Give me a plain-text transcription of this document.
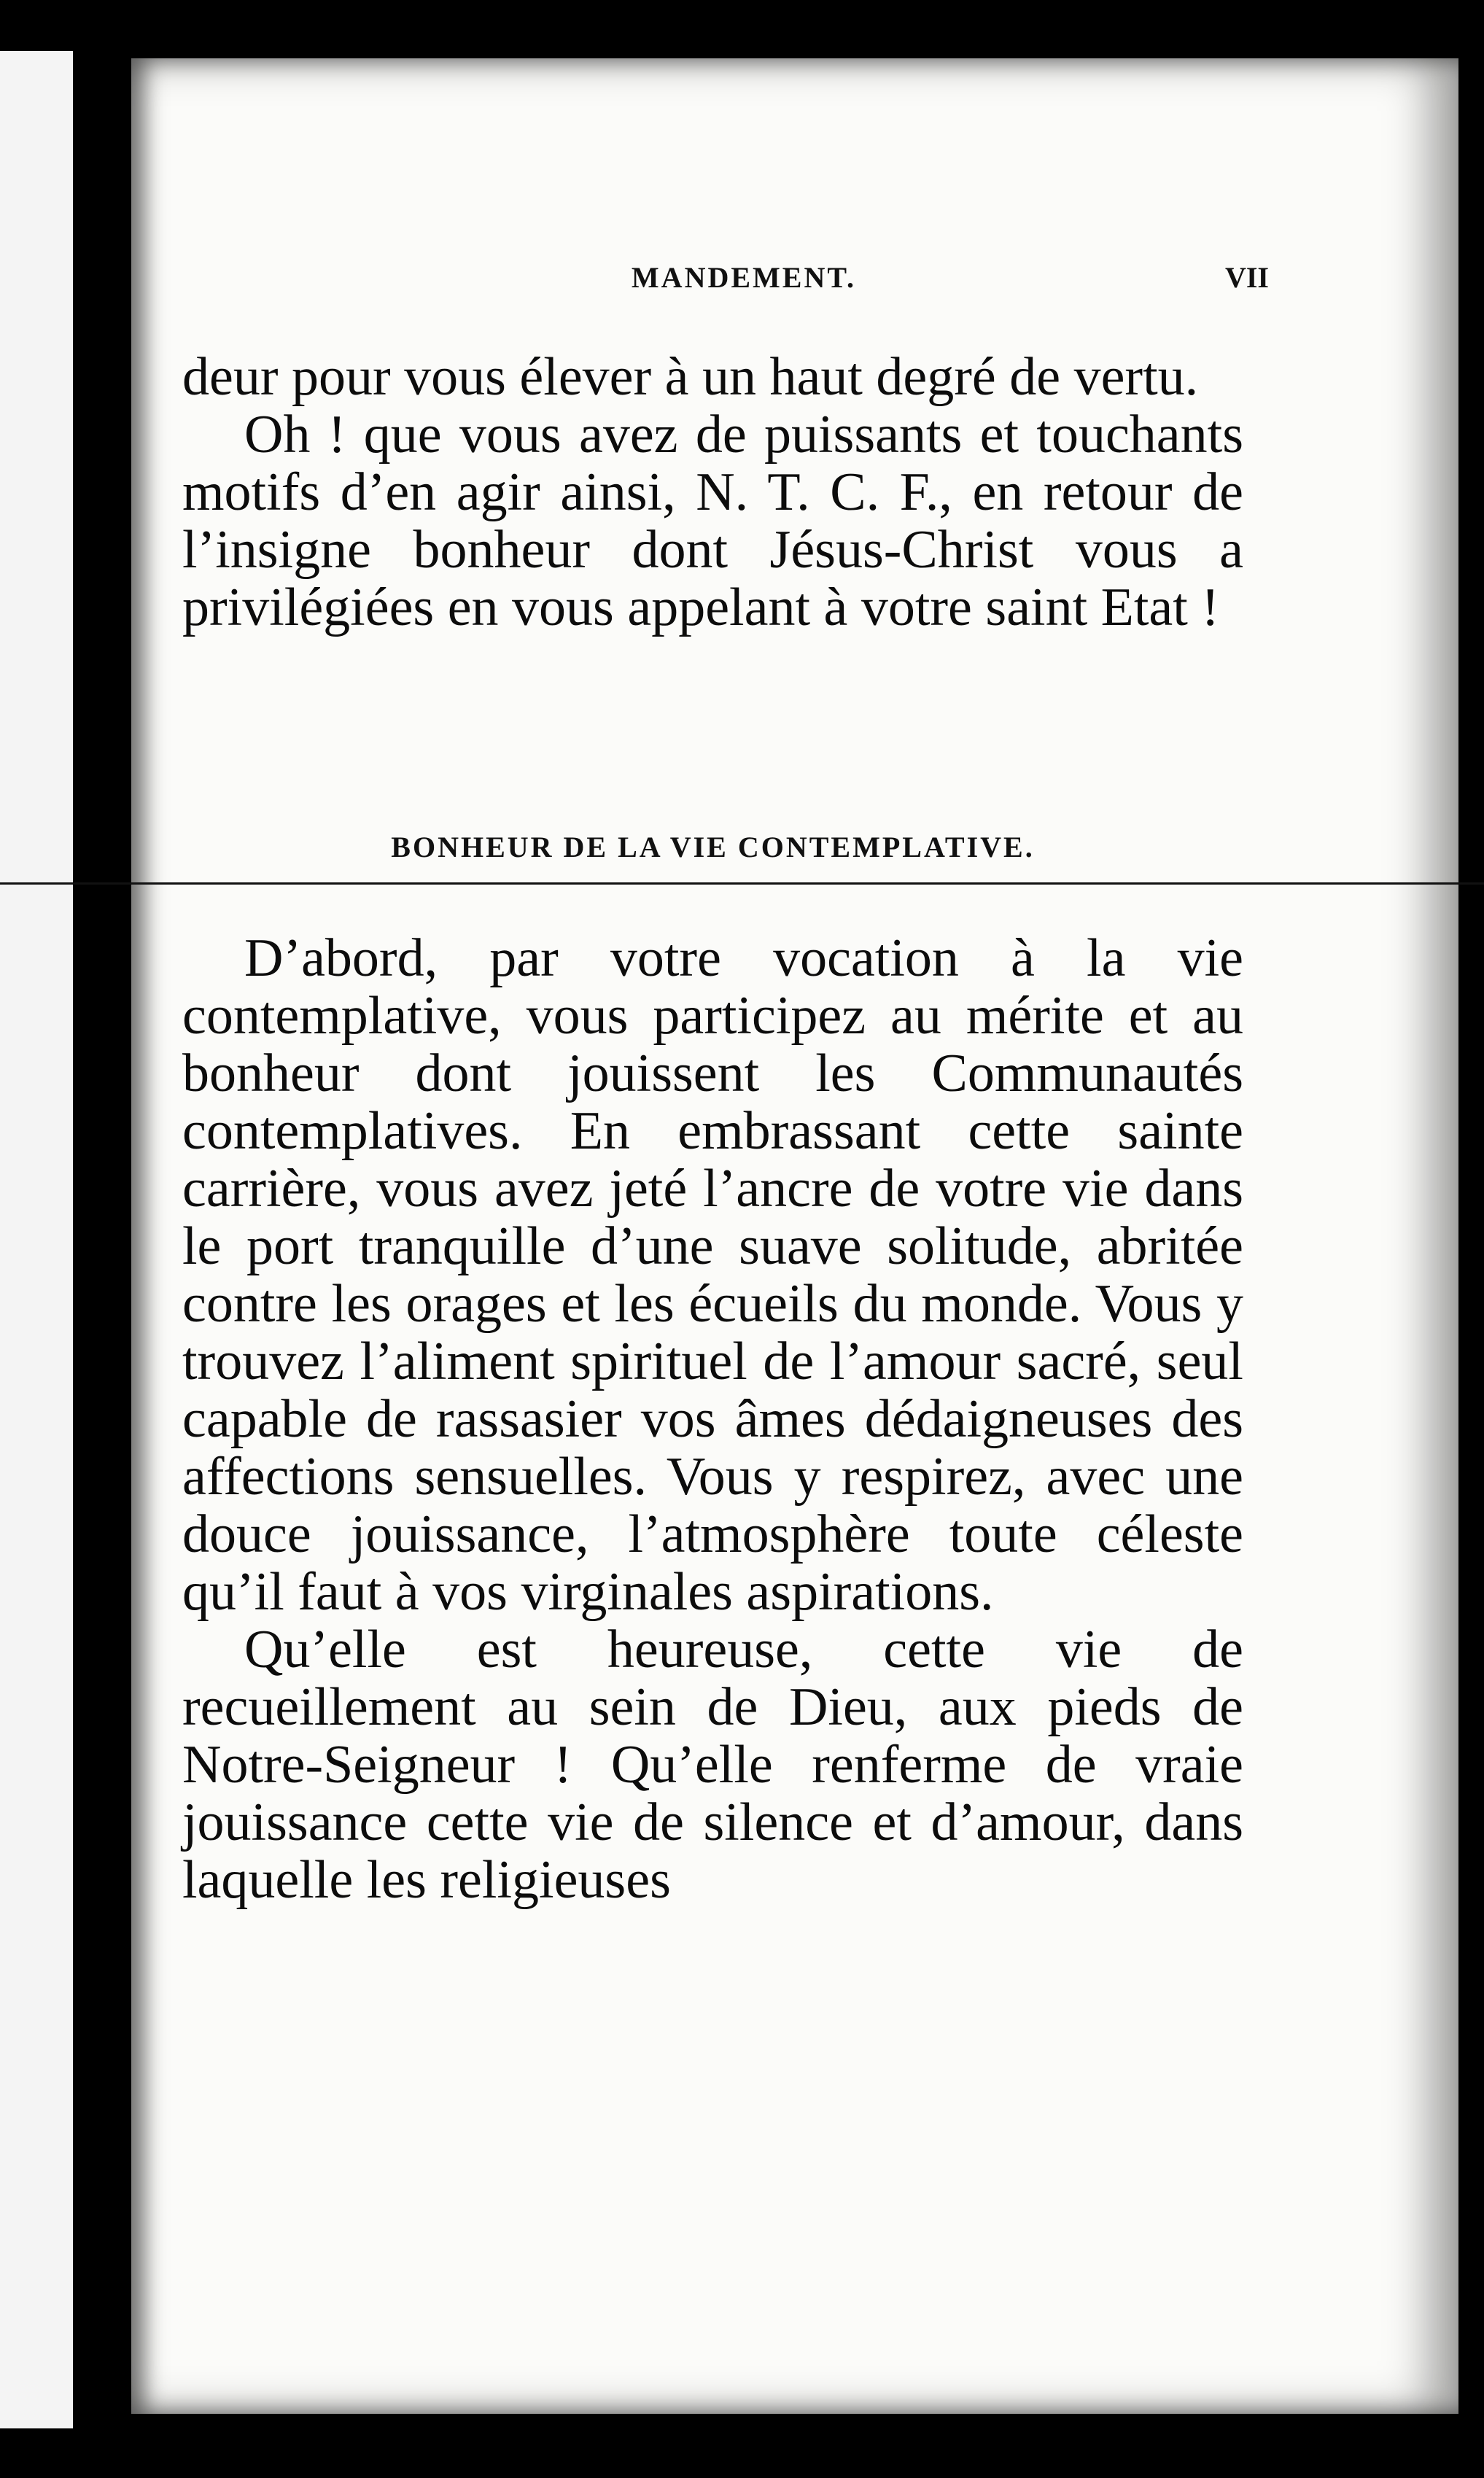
MANDEMENT.	VII

deur pour vous élever à un haut degré de vertu.

Oh ! que vous avez de puissants et touchants motifs d’en agir ainsi, N. T. C. F., en retour de l’insigne bonheur dont Jésus-Christ vous a privilégiées en vous appelant à votre saint Etat !

BONHEUR DE LA VIE CONTEMPLATIVE.

D’abord, par votre vocation à la vie contemplative, vous participez au mérite et au bonheur dont jouissent les Communautés contemplatives. En embrassant cette sainte carrière, vous avez jeté l’ancre de votre vie dans le port tranquille d’une suave solitude, abritée contre les orages et les écueils du monde. Vous y trouvez l’aliment spirituel de l’amour sacré, seul capable de rassasier vos âmes dédaigneuses des affections sensuelles. Vous y respirez, avec une douce jouissance, l’atmosphère toute céleste qu’il faut à vos virginales aspirations.

Qu’elle est heureuse, cette vie de recueillement au sein de Dieu, aux pieds de Notre-Seigneur ! Qu’elle renferme de vraie jouissance cette vie de silence et d’amour, dans laquelle les religieuses
